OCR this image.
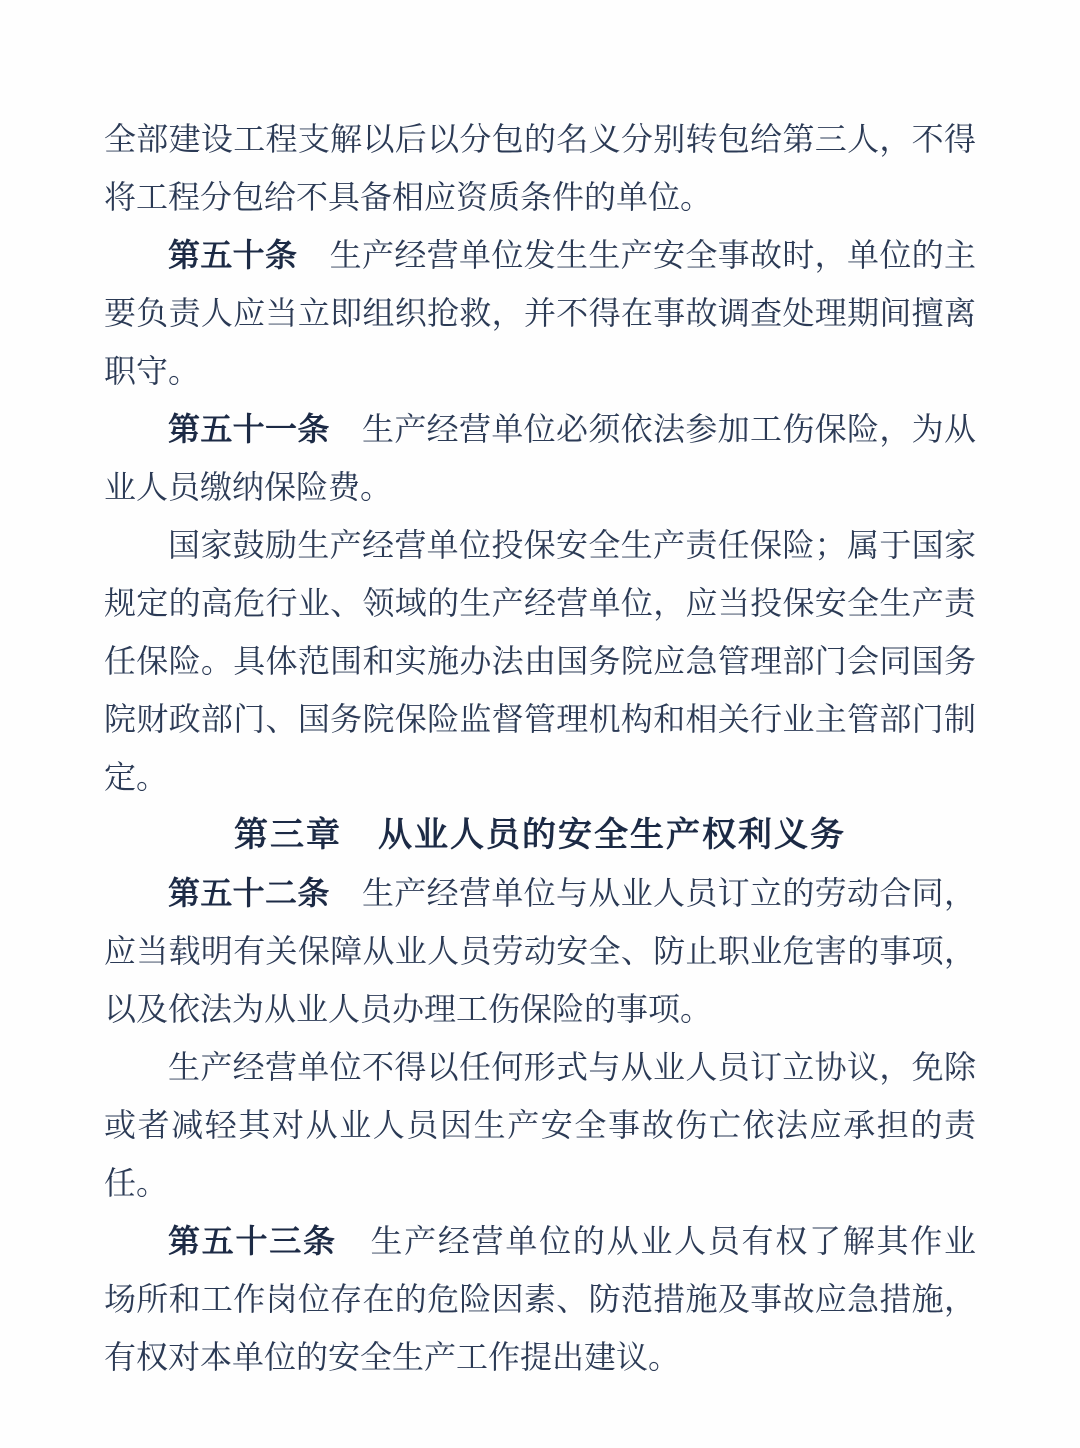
全部建设工程支解以后以分包的名义分别转包给第三人，不得
将工程分包给不具备相应资质条件的单位。
第五十条　生产经营单位发生生产安全事故时，单位的主
要负责人应当立即组织抢救，并不得在事故调查处理期间擅离
职守。
第五十一条　生产经营单位必须依法参加工伤保险，为从
业人员缴纳保险费。
国家鼓励生产经营单位投保安全生产责任保险；属于国家
规定的高危行业、领域的生产经营单位，应当投保安全生产责
任保险。具体范围和实施办法由国务院应急管理部门会同国务
院财政部门、国务院保险监督管理机构和相关行业主管部门制
定。
第三章　从业人员的安全生产权利义务
第五十二条　生产经营单位与从业人员订立的劳动合同，
应当载明有关保障从业人员劳动安全、防止职业危害的事项，
以及依法为从业人员办理工伤保险的事项。
生产经营单位不得以任何形式与从业人员订立协议，免除
或者减轻其对从业人员因生产安全事故伤亡依法应承担的责
任。
第五十三条　生产经营单位的从业人员有权了解其作业
场所和工作岗位存在的危险因素、防范措施及事故应急措施，
有权对本单位的安全生产工作提出建议。
